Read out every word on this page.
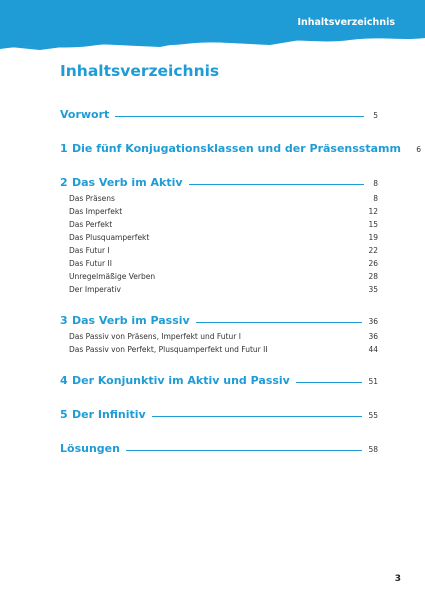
Inhaltsverzeichnis
Inhaltsverzeichnis
Vorwort	5
1 Die fünf Konjugationsklassen und der Präsensstamm	6
2 Das Verb im Aktiv	8
Das Präsens	8
Das Imperfekt	12
Das Perfekt	15
Das Plusquamperfekt	19
Das Futur I	22
Das Futur II	26
Unregelmäßige Verben	28
Der Imperativ	35
3 Das Verb im Passiv	36
Das Passiv von Präsens, Imperfekt und Futur I	36
Das Passiv von Perfekt, Plusquamperfekt und Futur II	44
4 Der Konjunktiv im Aktiv und Passiv	51
5 Der Infinitiv	55
Lösungen	58
3
